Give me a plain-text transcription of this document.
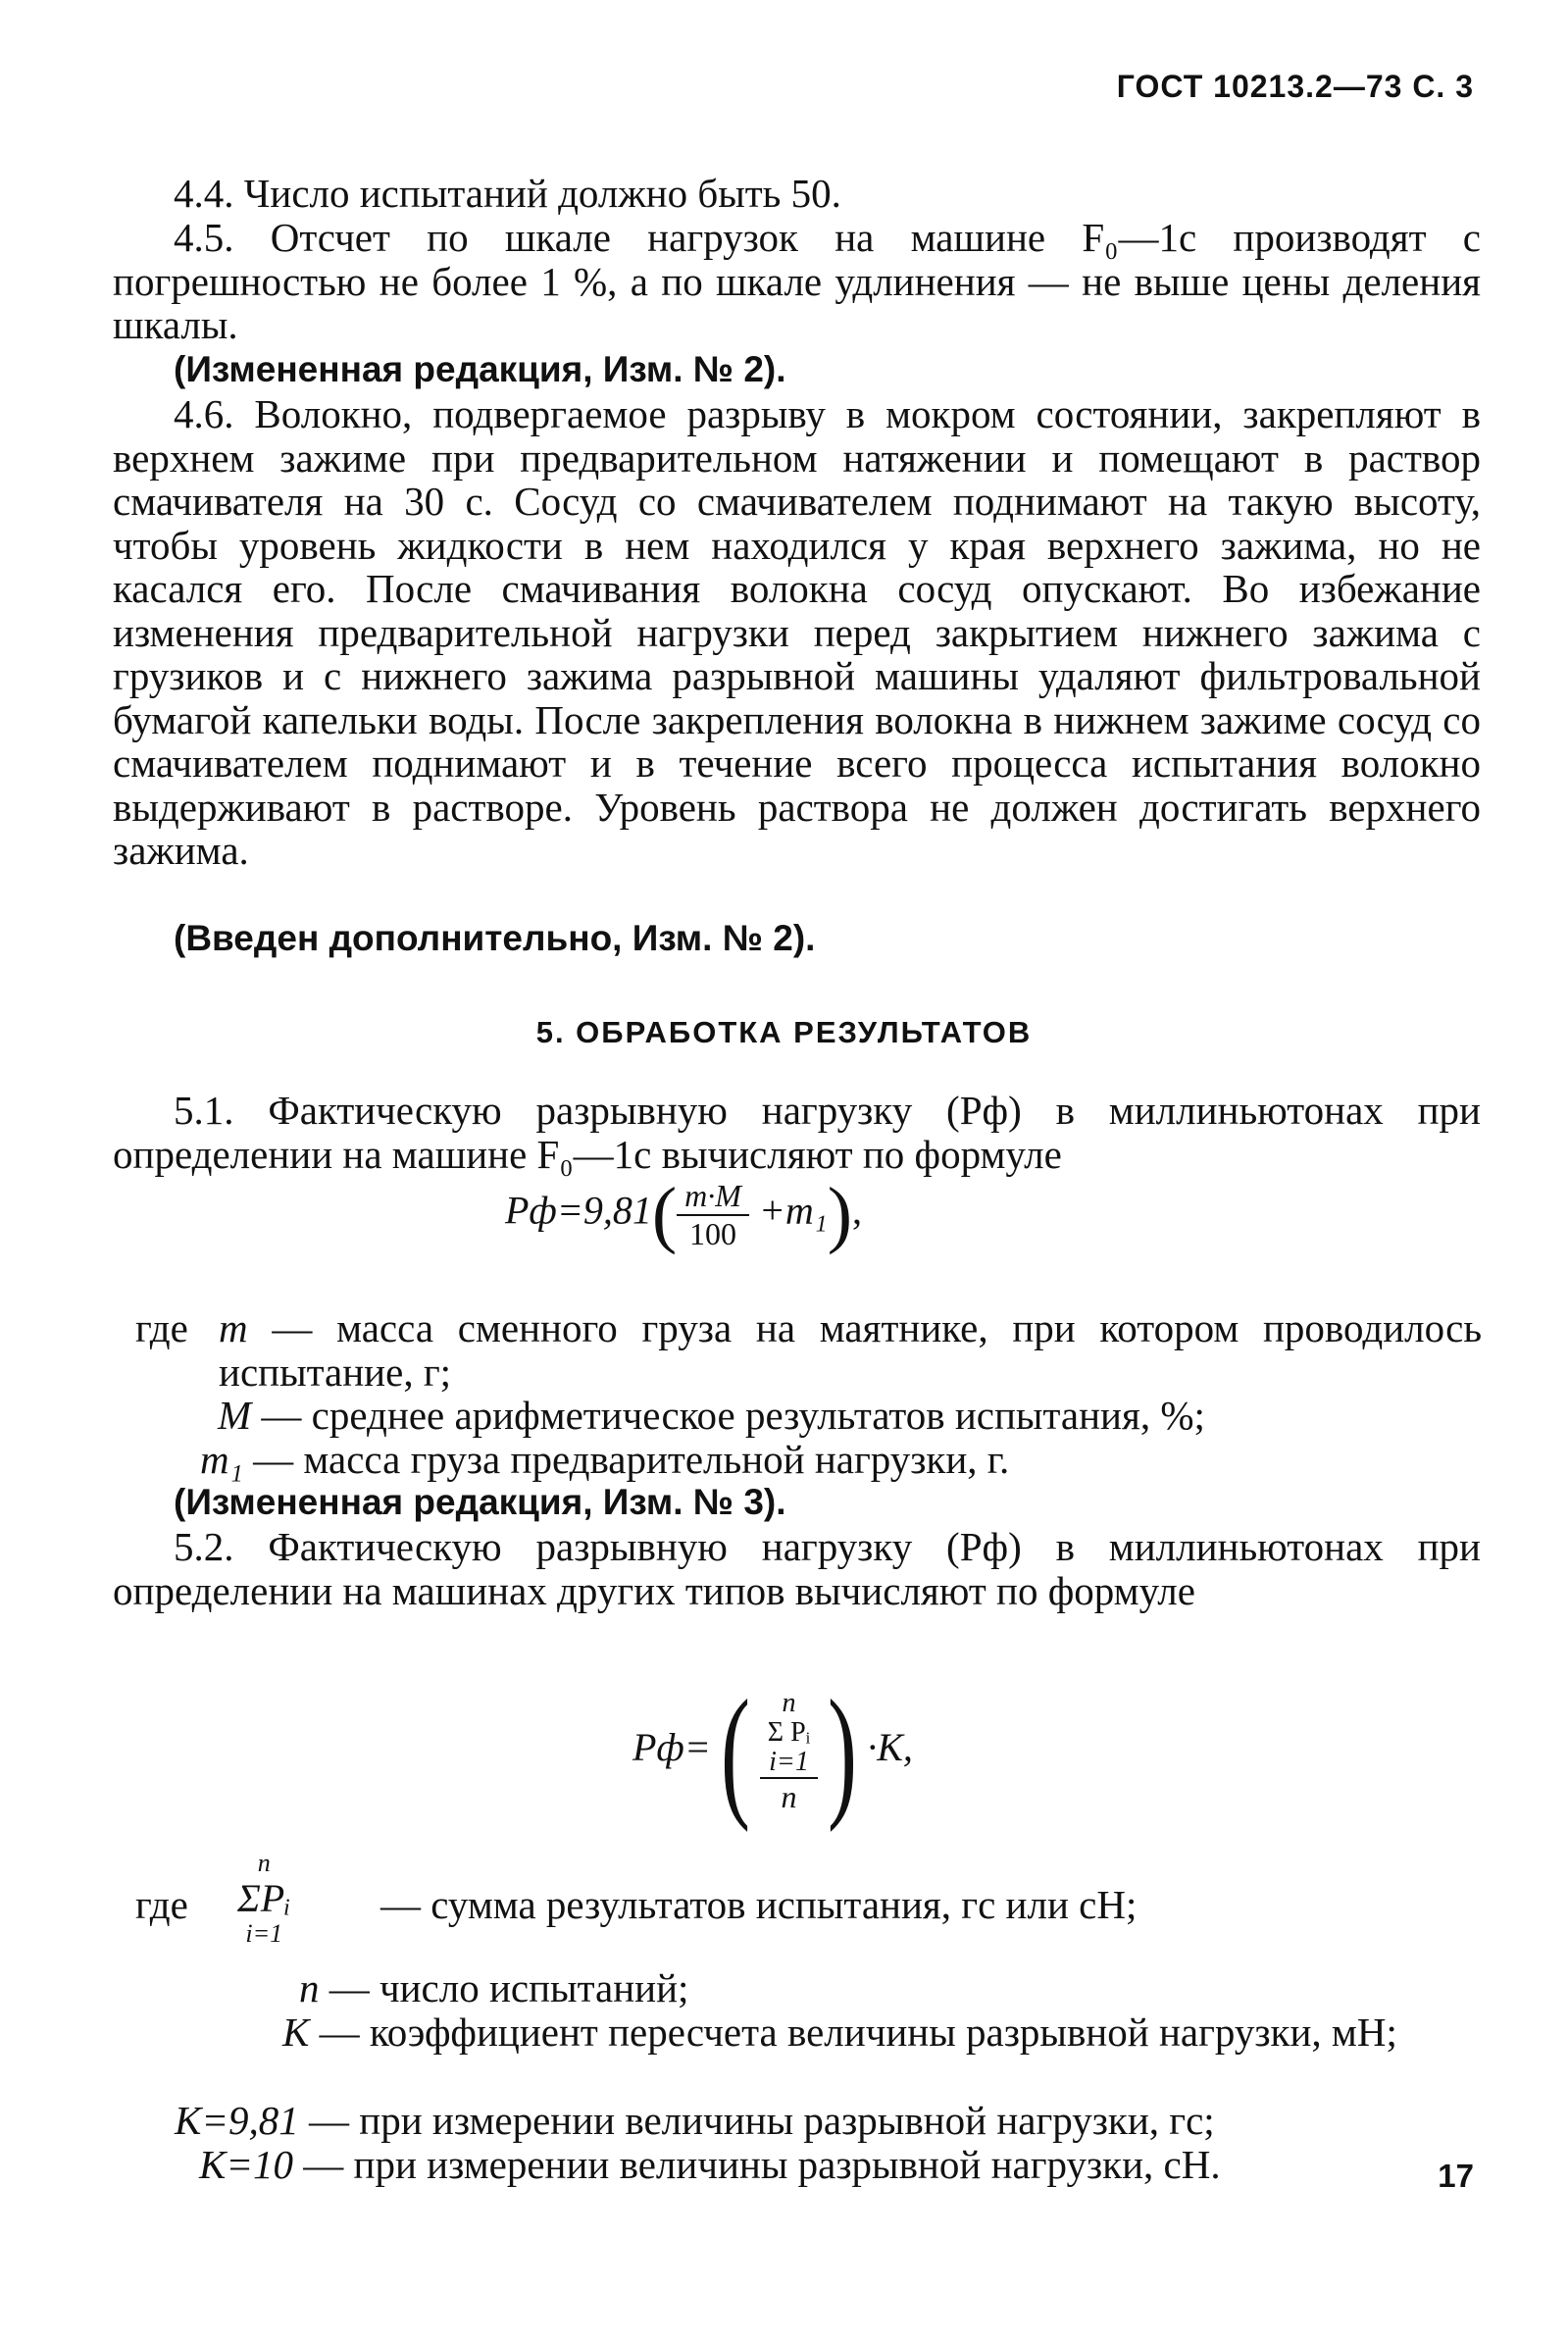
ГОСТ 10213.2—73 С. 3
4.4. Число испытаний должно быть 50.
4.5. Отсчет по шкале нагрузок на машине F₀—1с производят с погрешностью не более 1 %, а по шкале удлинения — не выше цены деления шкалы.
(Измененная редакция, Изм. № 2).
4.6. Волокно, подвергаемое разрыву в мокром состоянии, закрепляют в верхнем зажиме при предварительном натяжении и помещают в раствор смачивателя на 30 с. Сосуд со смачивателем поднимают на такую высоту, чтобы уровень жидкости в нем находился у края верхнего зажима, но не касался его. После смачивания волокна сосуд опускают. Во избежание изменения предварительной нагрузки перед закрытием нижнего зажима с грузиков и с нижнего зажима разрывной машины удаляют фильтровальной бумагой капельки воды. После закрепления волокна в нижнем зажиме сосуд со смачивателем поднимают и в течение всего процесса испытания волокно выдерживают в растворе. Уровень раствора не должен достигать верхнего зажима.
(Введен дополнительно, Изм. № 2).
5. ОБРАБОТКА РЕЗУЛЬТАТОВ
5.1. Фактическую разрывную нагрузку (Pф) в миллиньютонах при определении на машине F₀—1с вычисляют по формуле
$Pф=9,81( \frac{m\cdot M}{100} +m_1)$,
где m — масса сменного груза на маятнике, при котором проводилось испытание, г;
M — среднее арифметическое результатов испытания, %;
m₁ — масса груза предварительной нагрузки, г.
(Измененная редакция, Изм. № 3).
5.2. Фактическую разрывную нагрузку (Pф) в миллиньютонах при определении на машинах других типов вычисляют по формуле
Pф=( n
Σ Pᵢ
i=1
n ) ·K,
где
n
ΣPᵢ
i=1
— сумма результатов испытания, гс или сН;
n — число испытаний;
K — коэффициент пересчета величины разрывной нагрузки, мН;
K=9,81 — при измерении величины разрывной нагрузки, гс;
K=10 — при измерении величины разрывной нагрузки, сН.	17
